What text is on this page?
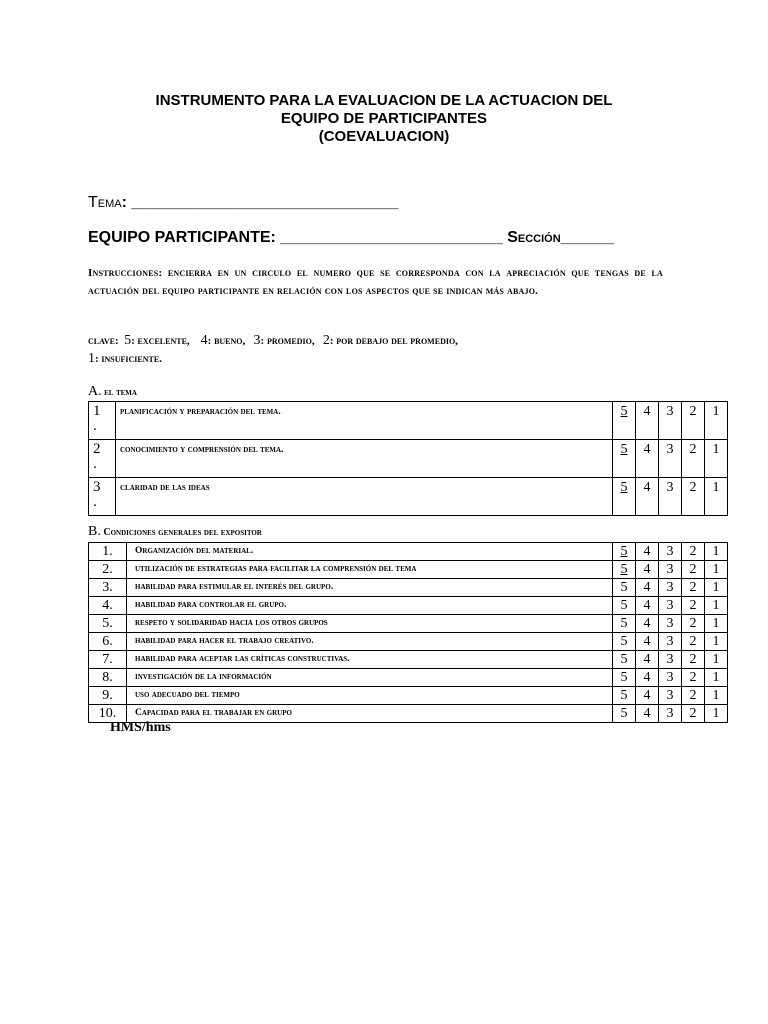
INSTRUMENTO PARA LA EVALUACION DE LA ACTUACION DEL
EQUIPO DE PARTICIPANTES
(COEVALUACION)
Tema: ______________________________
EQUIPO PARTICIPANTE: _________________________ Sección______
Instrucciones: encierra en un circulo el numero que se corresponda con la apreciación que tengas de la actuación del equipo participante en relación con los aspectos que se indican más abajo.
clave: 5: excelente, 4: bueno, 3: promedio, 2: por debajo del promedio,
1: insuficiente.
A. el tema
1
.	planificación y preparación del tema.	5	4	3	2	1
2
.	conocimiento y comprensión del tema.	5	4	3	2	1
3
.	claridad de las ideas	5	4	3	2	1
B. Condiciones generales del expositor
1.	Organización del material.	5	4	3	2	1
2.	utilización de estrategias para facilitar la comprensión del tema	5	4	3	2	1
3.	habilidad para estimular el interés del grupo.	5	4	3	2	1
4.	habilidad para controlar el grupo.	5	4	3	2	1
5.	respeto y solidaridad hacia los otros grupos	5	4	3	2	1
6.	habilidad para hacer el trabajo creativo.	5	4	3	2	1
7.	habilidad para aceptar las críticas constructivas.	5	4	3	2	1
8.	investigación de la información	5	4	3	2	1
9.	uso adecuado del tiempo	5	4	3	2	1
10.	Capacidad para el trabajar en grupo	5	4	3	2	1
HMS/hms
